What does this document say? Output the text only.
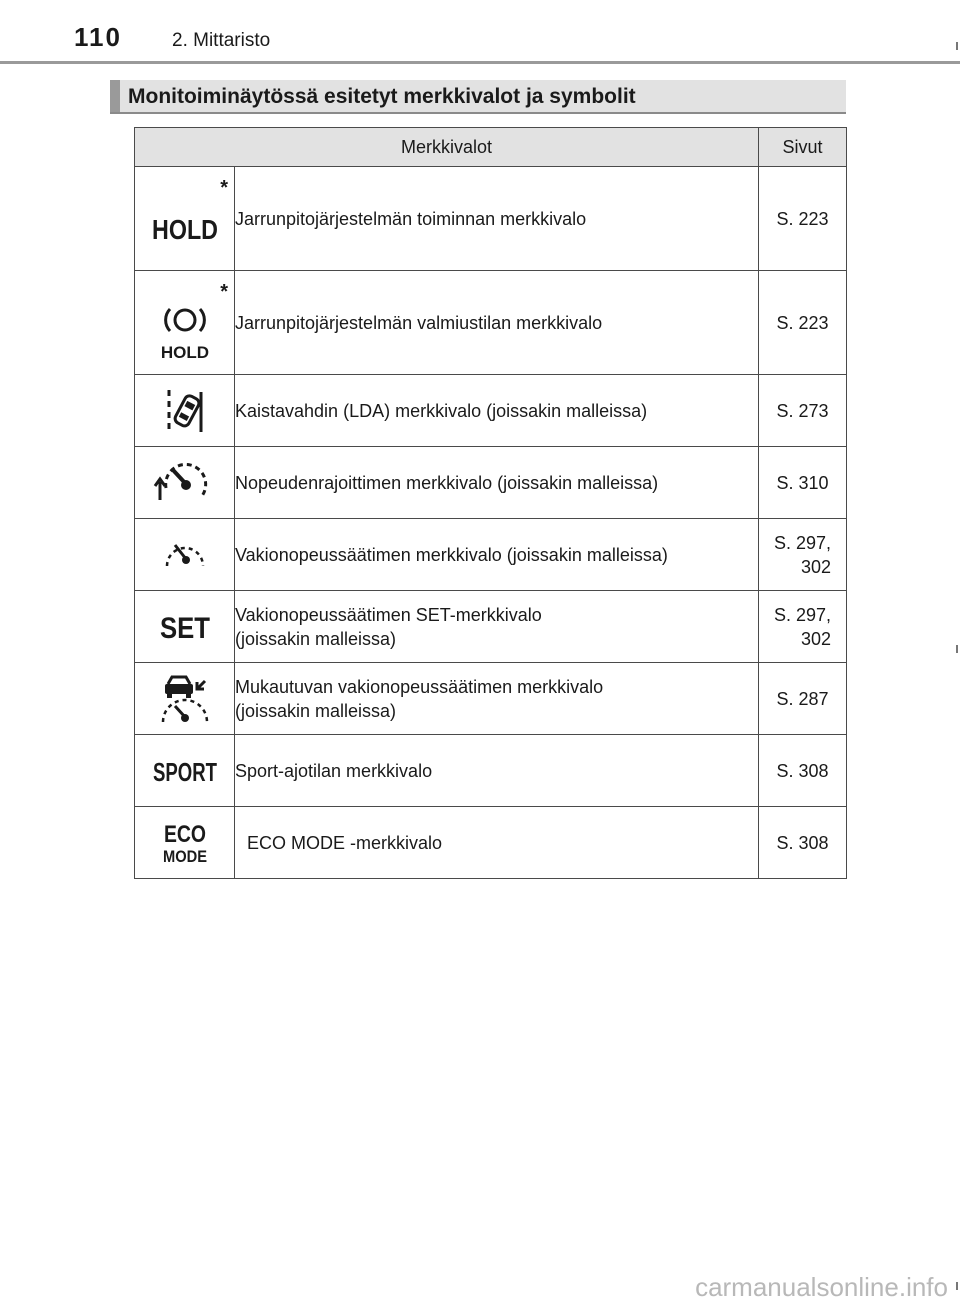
110	2. Mittaristo
Monitoiminäytössä esitetyt merkkivalot ja symbolit
Merkkivalot		Sivut

*
HOLD	Jarrunpitojärjestelmän toiminnan merkkivalo	S. 223

*
HOLD	Jarrunpitojärjestelmän valmiustilan merkkivalo	S. 223
	Kaistavahdin (LDA) merkkivalo (joissakin malleissa)	S. 273
	Nopeudenrajoittimen merkkivalo (joissakin malleissa)	S. 310
	Vakionopeussäätimen merkkivalo (joissakin malleissa)	S. 297,
302

SET	Vakionopeussäätimen SET-merkkivalo
(joissakin malleissa)	S. 297,
302
	Mukautuvan vakionopeussäätimen merkkivalo
(joissakin malleissa)	S. 287

SPORT	Sport-ajotilan merkkivalo	S. 308

ECO
MODE	ECO MODE -merkkivalo	S. 308
carmanualsonline.info
